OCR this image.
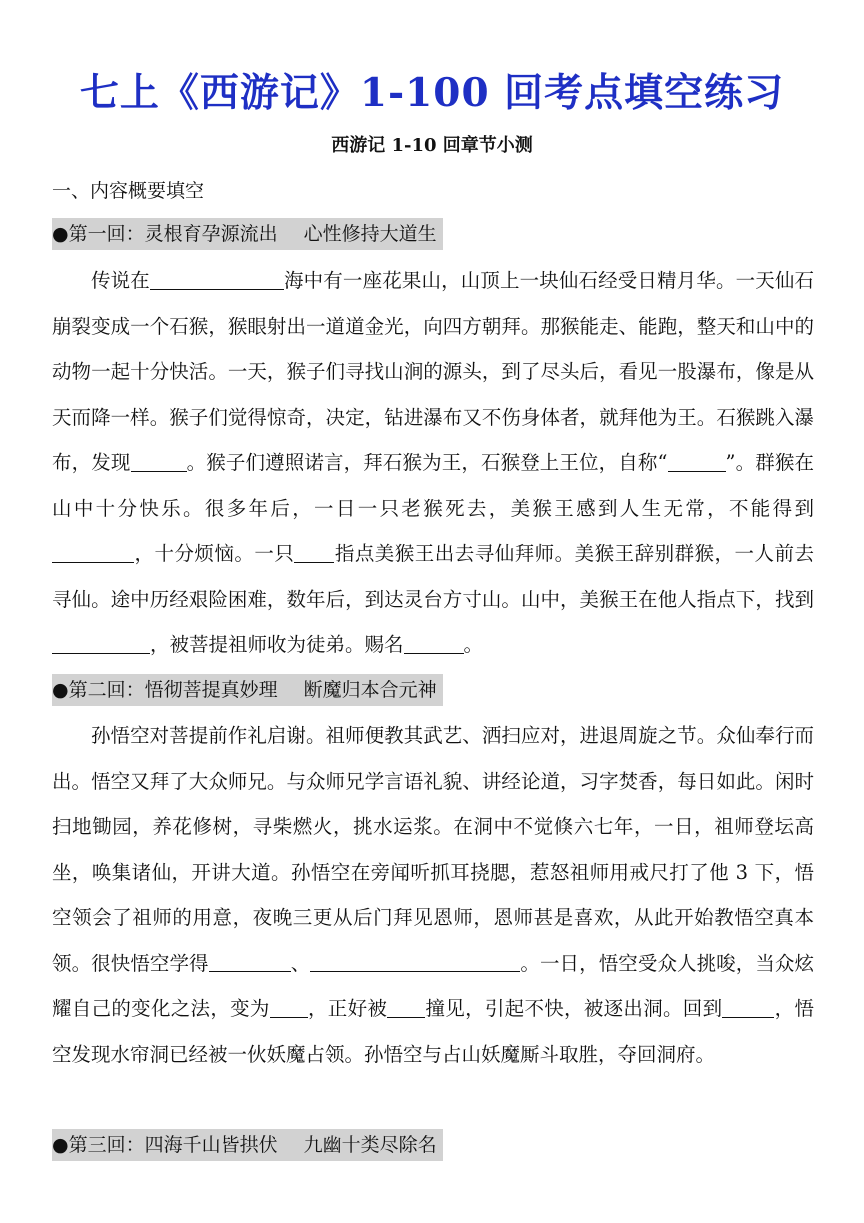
七上《西游记》1-100 回考点填空练习
西游记 1-10 回章节小测
一、内容概要填空
●第一回：灵根育孕源流出 心性修持大道生

传说在	海中有一座花果山，山顶上一块仙石经受日精月华。一天仙石崩裂变成一个石猴，猴眼射出一道道金光，向四方朝拜。那猴能走、能跑，整天和山中的动物一起十分快活。一天，猴子们寻找山涧的源头，到了尽头后，看见一股瀑布，像是从天而降一样。猴子们觉得惊奇，决定，钻进瀑布又不伤身体者，就拜他为王。石猴跳入瀑布，发现	。猴子们遵照诺言，拜石猴为王，石猴登上王位，自称“	”。群猴在山中十分快乐。很多年后，一日一只老猴死去，美猴王感到人生无常，不能得到，十分烦恼。一只 指点美猴王出去寻仙拜师。美猴王辞别群猴，一人前去寻仙。途中历经艰险困难，数年后，到达灵台方寸山。山中，美猴王在他人指点下，找到，被菩提祖师收为徒弟。赐名	。

●第二回：悟彻菩提真妙理 断魔归本合元神

孙悟空对菩提前作礼启谢。祖师便教其武艺、洒扫应对，进退周旋之节。众仙奉行而出。悟空又拜了大众师兄。与众师兄学言语礼貌、讲经论道，习字焚香，每日如此。闲时扫地锄园，养花修树，寻柴燃火，挑水运浆。在洞中不觉倏六七年，一日，祖师登坛高坐，唤集诸仙，开讲大道。孙悟空在旁闻听抓耳挠腮，惹怒祖师用戒尺打了他 3 下，悟空领会了祖师的用意，夜晚三更从后门拜见恩师，恩师甚是喜欢，从此开始教悟空真本领。很快悟空学得	、	。一日，悟空受众人挑唆，当众炫耀自己的变化之法，变为 ，正好被 撞见，引起不快，被逐出洞。回到	，悟空发现水帘洞已经被一伙妖魔占领。孙悟空与占山妖魔厮斗取胜，夺回洞府。

●第三回：四海千山皆拱伏 九幽十类尽除名
